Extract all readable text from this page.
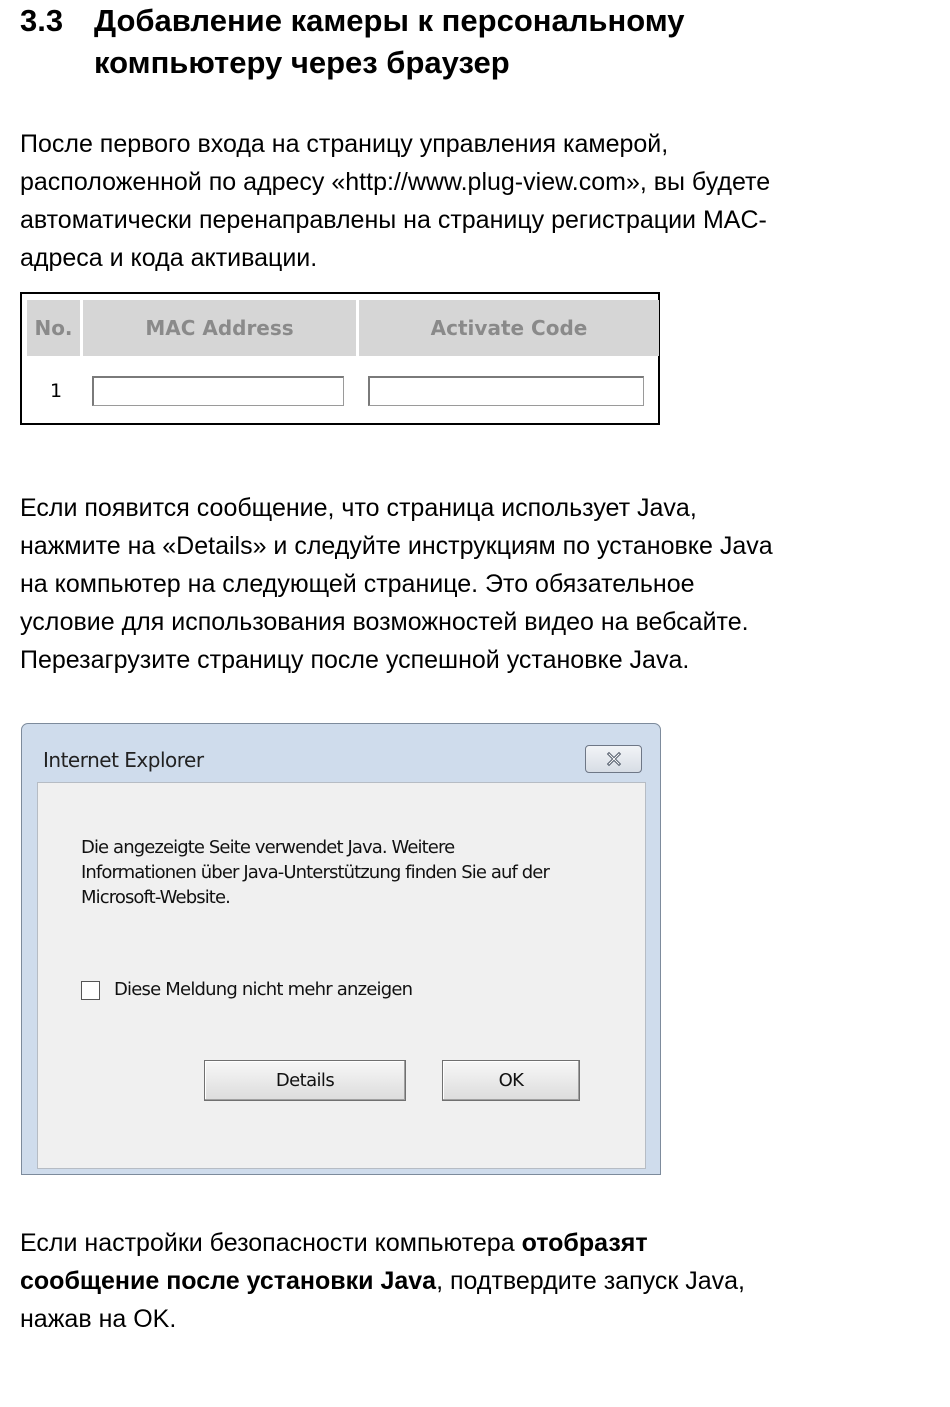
3.3 Добавление камеры к персональному
компьютеру через браузер
После первого входа на страницу управления камерой,
расположенной по адресу «http://www.plug-view.com», вы будете
автоматически перенаправлены на страницу регистрации MAC-
адреса и кода активации.
No.	MAC Address	Activate Code
1
Если появится сообщение, что страница использует Java,
нажмите на «Details» и следуйте инструкциям по установке Java
на компьютер на следующей странице. Это обязательное
условие для использования возможностей видео на вебсайте.
Перезагрузите страницу после успешной установке Java.
Internet Explorer
Die angezeigte Seite verwendet Java. Weitere
Informationen über Java-Unterstützung finden Sie auf der
Microsoft-Website.
Diese Meldung nicht mehr anzeigen
Details	OK
Если настройки безопасности компьютера отобразят
сообщение после установки Java, подтвердите запуск Java,
нажав на OK.
